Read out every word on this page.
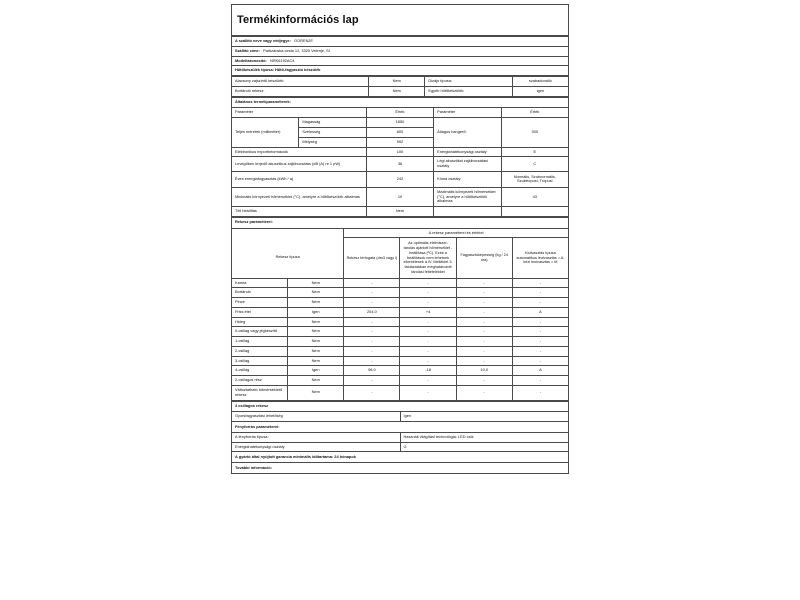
Termékinformációs lap
A szállító neve vagy védjegye: GORENJE
Szállító címe: Partizanska cesta 12, 3320 Velenje, SI
Modellazonosító: NRK6192AC4
Hűtőkészülék típusa: Hűtő-fagyasztó készülék
Alacsony zajszintű készülék:	Nem	Dizájn típusa:	szabadonálló
Bortároló rekesz:	Nem	Egyéb hűtőkészülék:	Igen
Általános termékparaméterek:				
Paraméter		Érték	Paraméter	Érték
Teljes méretek (milliméter)	Magasság	1850	Átlagos hangerő:	300
	Szélesség	600		
	Mélység	592		
Elektronikus exportinformációk		100	Energiahatékonysági osztály	E
Levegőben terjedő akusztikus zajkibocsátás (dB (A) re 1 pW)		38	Légi akusztikai zajkibocsátási osztály	C
Éves energiafogyasztás (kWh / a)		242	Klíma osztály:	Normális, Szubnormális, Szubtrópusi, Trópusi
Minimális környezeti hőmérséklet (°C), amelyre a hűtőkészülék alkalmas		10	Maximális környezeti hőmérséklet (°C), amelyre a hűtőkészülék alkalmas	43
Téli beállítás		Nem		
Rekesz paraméterei:					
		A rekesz paraméterei és értékei			
Rekesz típusa		Rekesz térfogata (dm3 vagy l)	Az optimális élelmiszer-tárolás ajánlott hőmérséklet -beállítása (ºC). Ezek a beállítások nem lehetnek ellentétesek a IV. Melléklet 3. táblázatában meghatározott tárolási feltételekkel	Fagyasztóképesség (kg / 24 óra)	Kiolvasztás típusa automatikus leolvasztás = A, kézi leolvasztás = M
Kamra	Nem	-	-	-	-
Bortároló	Nem	-	-	-	-
Pince	Nem	-	-	-	-
Friss étel	Igen	204,0	+4	-	A
Hideg	Nem	-	-	-	-
0-csillag vagy jégkészítő	Nem	-	-	-	-
1-csillag	Nem	-	-	-	-
2-csillag	Nem	-	-	-	-
3-csillag	Nem	-	-	-	-
4-csillag	Igen	96,0	-18	10,0	A
2-csillagos rész	Nem	-	-	-	-
Változtatható hőmérsékletű rekesz	Nem	-	-	-	-
4 csillagos rekesz	
Gyorsfagyasztási lehetőség	Igen
Fényforrás paraméterei:	
A fényforrás típusa:	Használt világítási technológia: LED csík
Energiahatékonysági osztály	G
A gyártó által nyújtott garancia minimális időtartama: 24 hónapok	
További információ:	
